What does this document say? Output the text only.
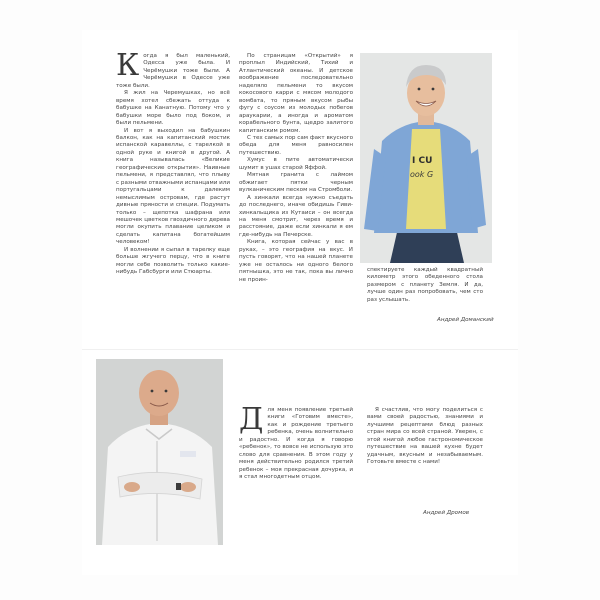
К огда я был маленький, Одесса уже была. И Черёмушки тоже были. А Черёмушки в Одессе уже тоже были.

Я жил на Черемушках, но всё время хотел сбежать оттуда к бабушке на Канатную. Потому что у бабушки море было под боком, и были пельмени.

И вот я выходил на бабушкин балкон, как на капитанский мостик испанской каравеллы, с тарелкой в одной руке и книгой в другой. А книга называлась «Великие географические открытия». Наивные пельмени, я представлял, что плыву с разными отважными испанцами или португальцами к далеким немыслимым островам, где растут дивные пряности и специи. Подумать только – щепотка шафрана или мешочек цветков гвоздичного дерева могли окупить плавание целиком и сделать капитана богатейшим человеком!

И волнении я сыпал в тарелку еще больше жгучего перцу, что в книге могли себе позволить только какие-нибудь Габсбурги или Стюарты.

По страницам «Открытий» я проплыл Индийский, Тихий и Атлантический океаны. И детское воображение последовательно наделяло пельмени то вкусом кокосового карри с мясом молодого вомбата, то пряным вкусом рыбы фугу с соусом из молодых побегов араукарии, а иногда и ароматом корабельного бунта, щедро залитого капитанским ромом.

С тех самых пор сам факт вкусного обеда для меня равносилен путешествию.

Хумус в пите автоматически шумит в ушах старой Яффой.

Мятная гранита с лаймом обжигает пятки черным вулканическим песком на Стромболи.

А хинкали всегда нужно съедать до последнего, иначе обидишь Гиви-хинкальщика из Кутаиси – он всегда на меня смотрит, через время и расстояние, даже если хинкали я ем где-нибудь на Печерске.

Книга, которая сейчас у вас в руках, – это география на вкус. И пусть говорят, что на нашей планете уже не осталось ни одного белого пятнышка, это не так, пока вы лично не проин-

I CU
ook G

спектируете каждый квадратный километр этого обеденного стола размером с планету Земля. И да, лучше один раз попробовать, чем сто раз услышать.

Андрей Доманский
Д ля меня появление третьей книги «Готовим вместе», как и рождение третьего ребенка, очень волнительно и радостно. И когда я говорю «ребенок», то вовсе не использую это слово для сравнения. В этом году у меня действительно родился третий ребенок – моя прекрасная дочурка, и я стал многодетным отцом.

Я счастлив, что могу поделиться с вами своей радостью, знаниями и лучшими рецептами блюд разных стран мира со всей страной. Уверен, с этой книгой любое гастрономическое путешествие на вашей кухне будет удачным, вкусным и незабываемым. Готовьте вместе с нами!

Андрей Дромов
